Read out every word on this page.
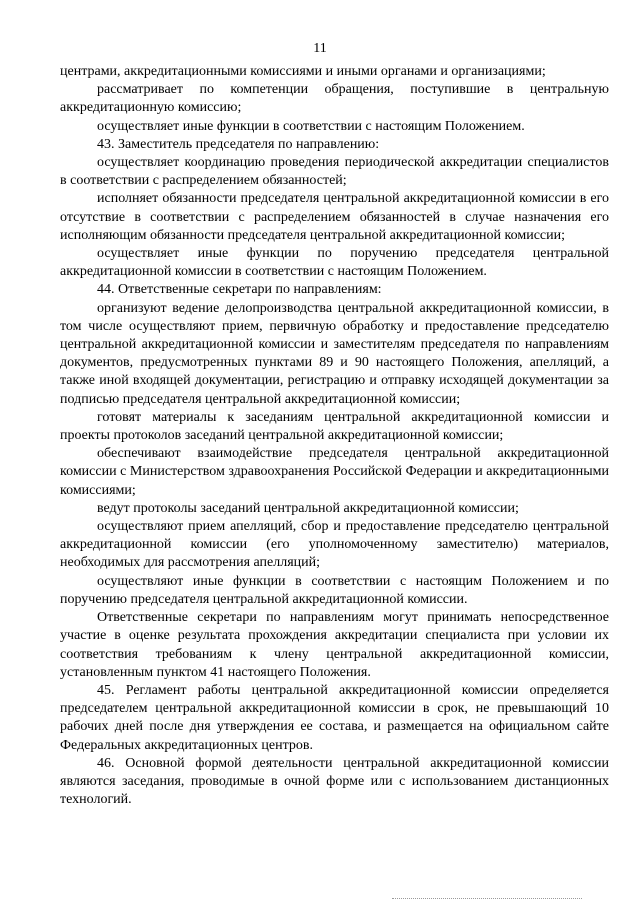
11

центрами, аккредитационными комиссиями и иными органами и организациями;

рассматривает по компетенции обращения, поступившие в центральную аккредитационную комиссию;

осуществляет иные функции в соответствии с настоящим Положением.

43. Заместитель председателя по направлению:

осуществляет координацию проведения периодической аккредитации специалистов в соответствии с распределением обязанностей;

исполняет обязанности председателя центральной аккредитационной комиссии в его отсутствие в соответствии с распределением обязанностей в случае назначения его исполняющим обязанности председателя центральной аккредитационной комиссии;

осуществляет иные функции по поручению председателя центральной аккредитационной комиссии в соответствии с настоящим Положением.

44. Ответственные секретари по направлениям:

организуют ведение делопроизводства центральной аккредитационной комиссии, в том числе осуществляют прием, первичную обработку и предоставление председателю центральной аккредитационной комиссии и заместителям председателя по направлениям документов, предусмотренных пунктами 89 и 90 настоящего Положения, апелляций, а также иной входящей документации, регистрацию и отправку исходящей документации за подписью председателя центральной аккредитационной комиссии;

готовят материалы к заседаниям центральной аккредитационной комиссии и проекты протоколов заседаний центральной аккредитационной комиссии;

обеспечивают взаимодействие председателя центральной аккредитационной комиссии с Министерством здравоохранения Российской Федерации и аккредитационными комиссиями;

ведут протоколы заседаний центральной аккредитационной комиссии;

осуществляют прием апелляций, сбор и предоставление председателю центральной аккредитационной комиссии (его уполномоченному заместителю) материалов, необходимых для рассмотрения апелляций;

осуществляют иные функции в соответствии с настоящим Положением и по поручению председателя центральной аккредитационной комиссии.

Ответственные секретари по направлениям могут принимать непосредственное участие в оценке результата прохождения аккредитации специалиста при условии их соответствия требованиям к члену центральной аккредитационной комиссии, установленным пунктом 41 настоящего Положения.

45. Регламент работы центральной аккредитационной комиссии определяется председателем центральной аккредитационной комиссии в срок, не превышающий 10 рабочих дней после дня утверждения ее состава, и размещается на официальном сайте Федеральных аккредитационных центров.

46. Основной формой деятельности центральной аккредитационной комиссии являются заседания, проводимые в очной форме или с использованием дистанционных технологий.
